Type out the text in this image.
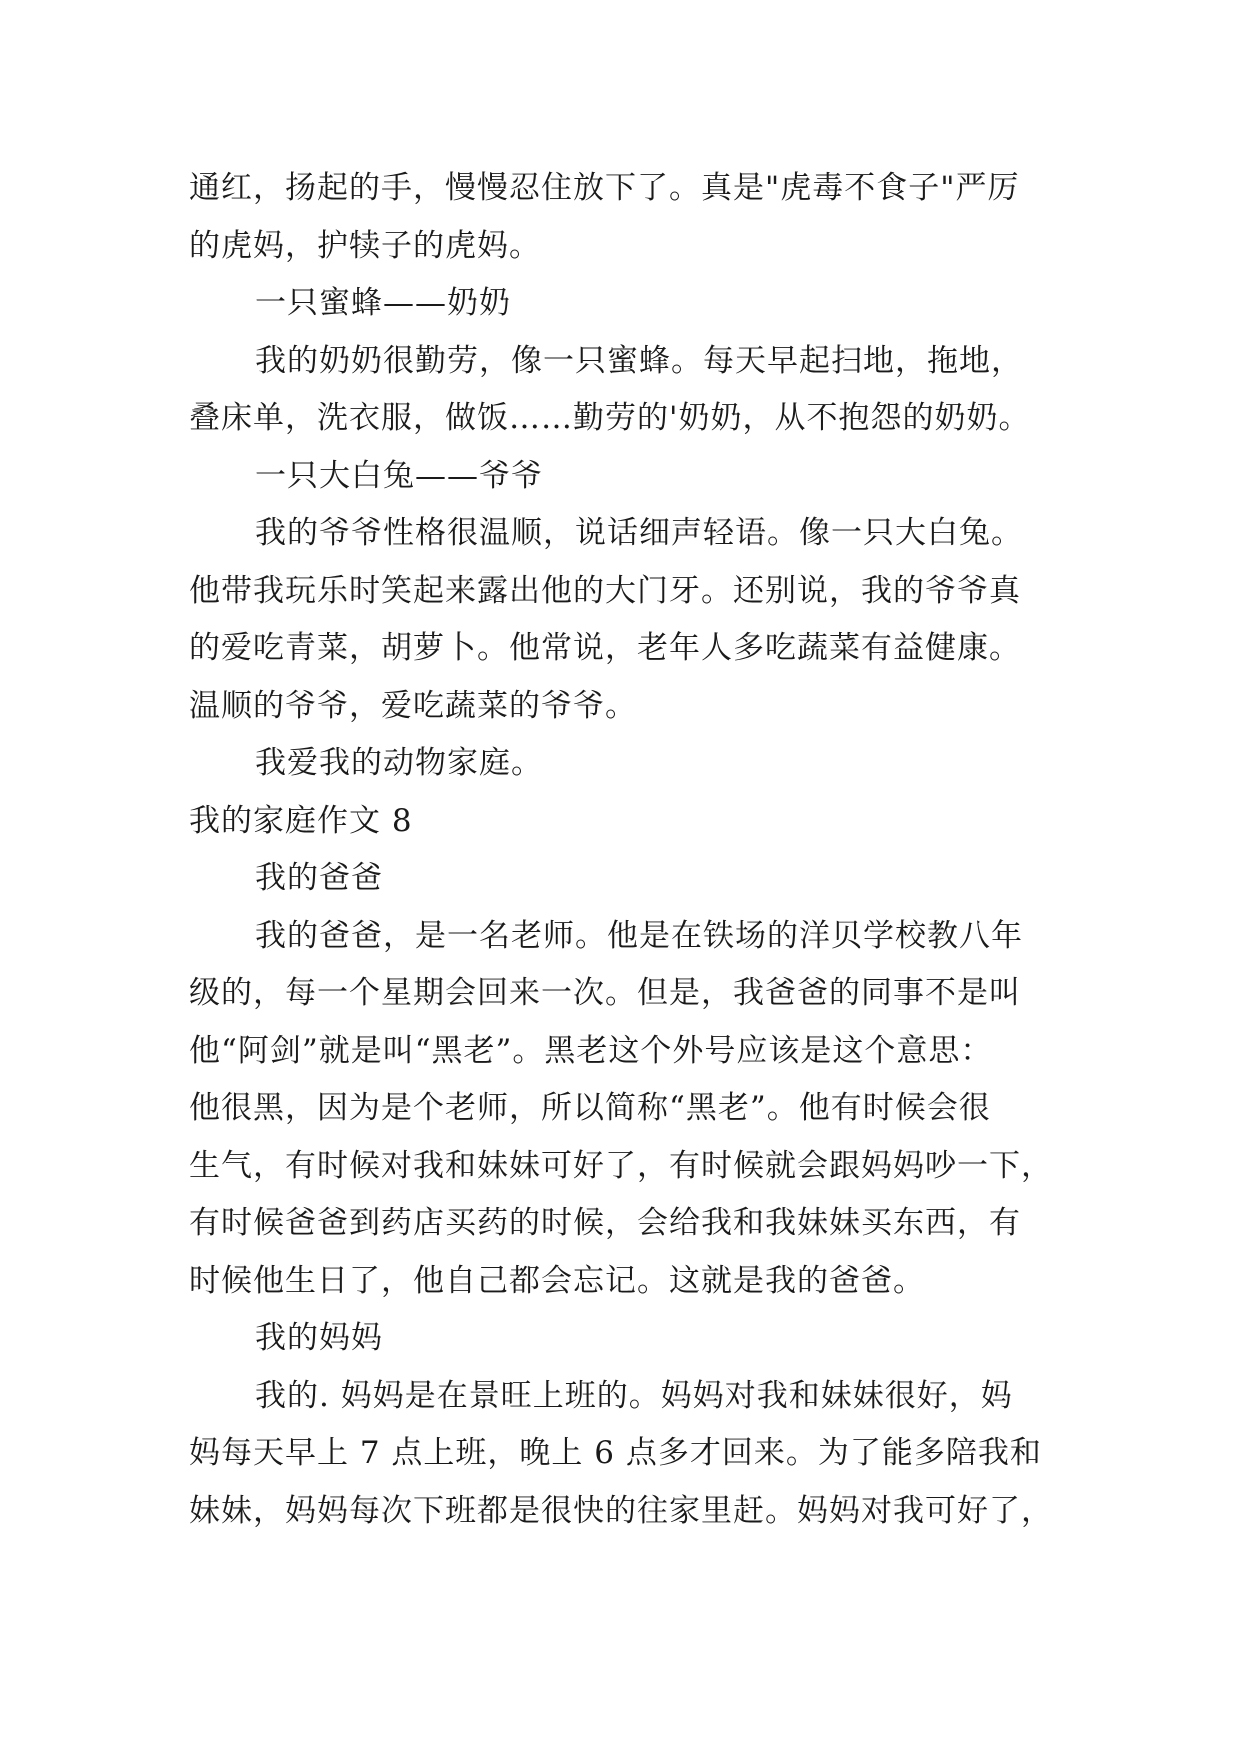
通红，扬起的手，慢慢忍住放下了。真是"虎毒不食子"严厉
的虎妈，护犊子的虎妈。
一只蜜蜂——奶奶
我的奶奶很勤劳，像一只蜜蜂。每天早起扫地，拖地，
叠床单，洗衣服，做饭……勤劳的'奶奶，从不抱怨的奶奶。
一只大白兔——爷爷
我的爷爷性格很温顺，说话细声轻语。像一只大白兔。
他带我玩乐时笑起来露出他的大门牙。还别说，我的爷爷真
的爱吃青菜，胡萝卜。他常说，老年人多吃蔬菜有益健康。
温顺的爷爷，爱吃蔬菜的爷爷。
我爱我的动物家庭。
我的家庭作文 8
我的爸爸
我的爸爸，是一名老师。他是在铁场的洋贝学校教八年
级的，每一个星期会回来一次。但是，我爸爸的同事不是叫
他“阿剑”就是叫“黑老”。黑老这个外号应该是这个意思：
他很黑，因为是个老师，所以简称“黑老”。他有时候会很
生气，有时候对我和妹妹可好了，有时候就会跟妈妈吵一下，
有时候爸爸到药店买药的时候，会给我和我妹妹买东西，有
时候他生日了，他自己都会忘记。这就是我的爸爸。
我的妈妈
我的. 妈妈是在景旺上班的。妈妈对我和妹妹很好，妈
妈每天早上 7 点上班，晚上 6 点多才回来。为了能多陪我和
妹妹，妈妈每次下班都是很快的往家里赶。妈妈对我可好了，
